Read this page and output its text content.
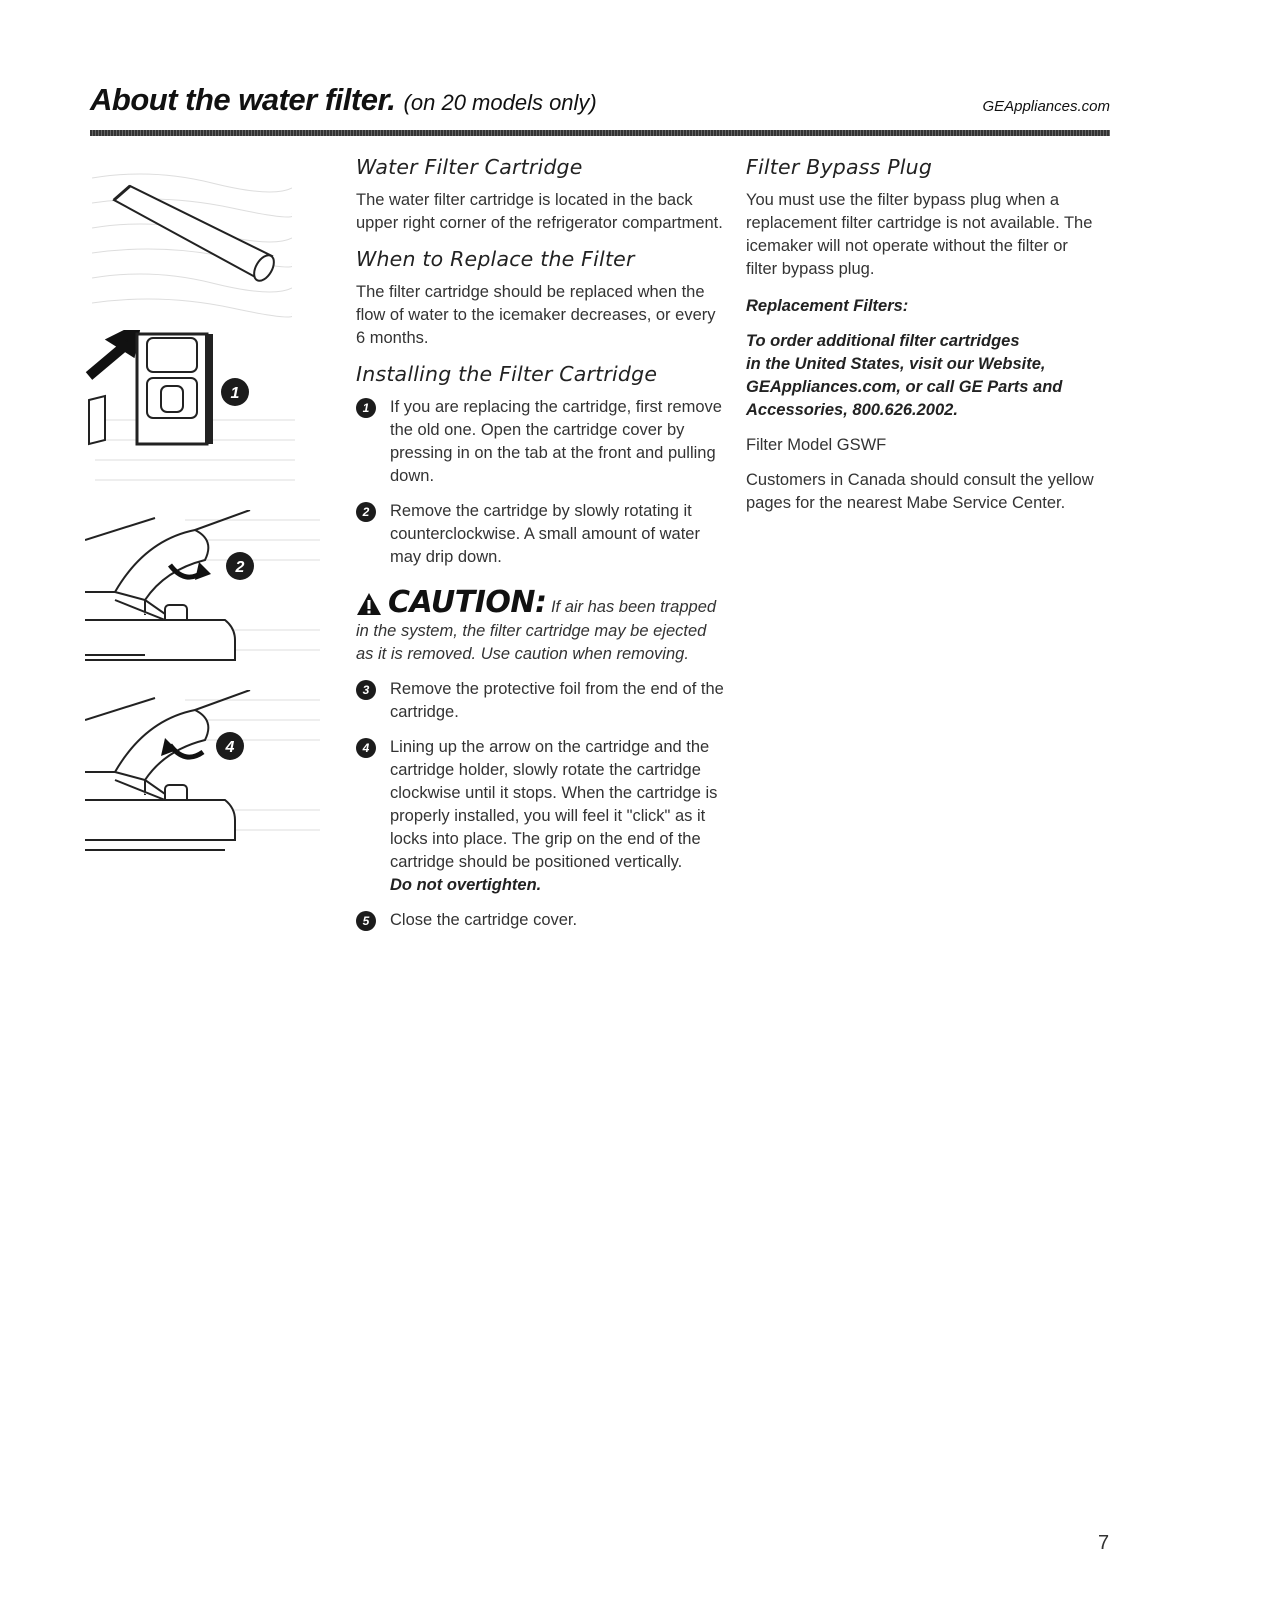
About the water filter. (on 20 models only)	GEAppliances.com
1
2
4
Water Filter Cartridge

The water filter cartridge is located in the back upper right corner of the refrigerator compartment.

When to Replace the Filter

The filter cartridge should be replaced when the flow of water to the icemaker decreases, or every 6 months.

Installing the Filter Cartridge
1	If you are replacing the cartridge, first remove the old one. Open the cartridge cover by pressing in on the tab at the front and pulling down.
2	Remove the cartridge by slowly rotating it counterclockwise. A small amount of water may drip down.
CAUTION: If air has been trapped in the system, the filter cartridge may be ejected as it is removed. Use caution when removing.
3	Remove the protective foil from the end of the cartridge.
4	Lining up the arrow on the cartridge and the cartridge holder, slowly rotate the cartridge clockwise until it stops. When the cartridge is properly installed, you will feel it "click" as it locks into place. The grip on the end of the cartridge should be positioned vertically.
Do not overtighten.
5	Close the cartridge cover.
Filter Bypass Plug

You must use the filter bypass plug when a replacement filter cartridge is not available. The icemaker will not operate without the filter or filter bypass plug.

Replacement Filters:

To order additional filter cartridges
in the United States, visit our Website,
GEAppliances.com, or call GE Parts and
Accessories, 800.626.2002.

Filter Model GSWF

Customers in Canada should consult the yellow pages for the nearest Mabe Service Center.

7
